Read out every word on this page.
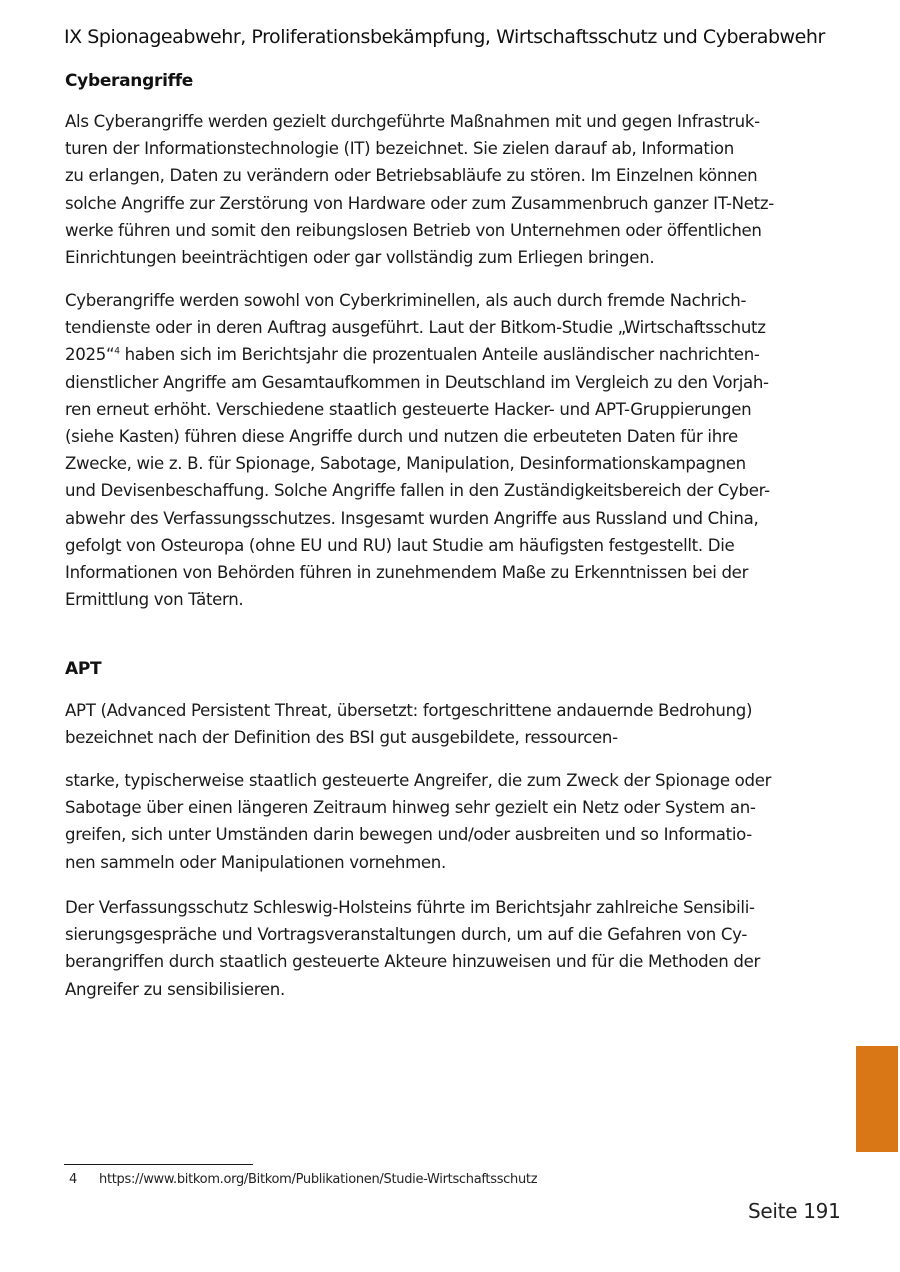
IX Spionageabwehr, Proliferationsbekämpfung, Wirtschaftsschutz und Cyberabwehr
Cyberangriffe
Als Cyberangriffe werden gezielt durchgeführte Maßnahmen mit und gegen Infrastruk-
turen der Informationstechnologie (IT) bezeichnet. Sie zielen darauf ab, Information
zu erlangen, Daten zu verändern oder Betriebsabläufe zu stören. Im Einzelnen können
solche Angriffe zur Zerstörung von Hardware oder zum Zusammenbruch ganzer IT-Netz-
werke führen und somit den reibungslosen Betrieb von Unternehmen oder öffentlichen
Einrichtungen beeinträchtigen oder gar vollständig zum Erliegen bringen.
Cyberangriffe werden sowohl von Cyberkriminellen, als auch durch fremde Nachrich-
tendienste oder in deren Auftrag ausgeführt. Laut der Bitkom-Studie „Wirtschaftsschutz
2025“$^4$ haben sich im Berichtsjahr die prozentualen Anteile ausländischer nachrichten-
dienstlicher Angriffe am Gesamtaufkommen in Deutschland im Vergleich zu den Vorjah-
ren erneut erhöht. Verschiedene staatlich gesteuerte Hacker- und APT-Gruppierungen
(siehe Kasten) führen diese Angriffe durch und nutzen die erbeuteten Daten für ihre
Zwecke, wie z. B. für Spionage, Sabotage, Manipulation, Desinformationskampagnen
und Devisenbeschaffung. Solche Angriffe fallen in den Zuständigkeitsbereich der Cyber-
abwehr des Verfassungsschutzes. Insgesamt wurden Angriffe aus Russland und China,
gefolgt von Osteuropa (ohne EU und RU) laut Studie am häufigsten festgestellt. Die
Informationen von Behörden führen in zunehmendem Maße zu Erkenntnissen bei der
Ermittlung von Tätern.
APT
APT (Advanced Persistent Threat, übersetzt: fortgeschrittene andauernde Bedrohung)
bezeichnet nach der Definition des BSI gut ausgebildete, ressourcen-
starke, typischerweise staatlich gesteuerte Angreifer, die zum Zweck der Spionage oder
Sabotage über einen längeren Zeitraum hinweg sehr gezielt ein Netz oder System an-
greifen, sich unter Umständen darin bewegen und/oder ausbreiten und so Informatio-
nen sammeln oder Manipulationen vornehmen.
Der Verfassungsschutz Schleswig-Holsteins führte im Berichtsjahr zahlreiche Sensibili-
sierungsgespräche und Vortragsveranstaltungen durch, um auf die Gefahren von Cy-
berangriffen durch staatlich gesteuerte Akteure hinzuweisen und für die Methoden der
Angreifer zu sensibilisieren.
4 https://www.bitkom.org/Bitkom/Publikationen/Studie-Wirtschaftsschutz
Seite 191
